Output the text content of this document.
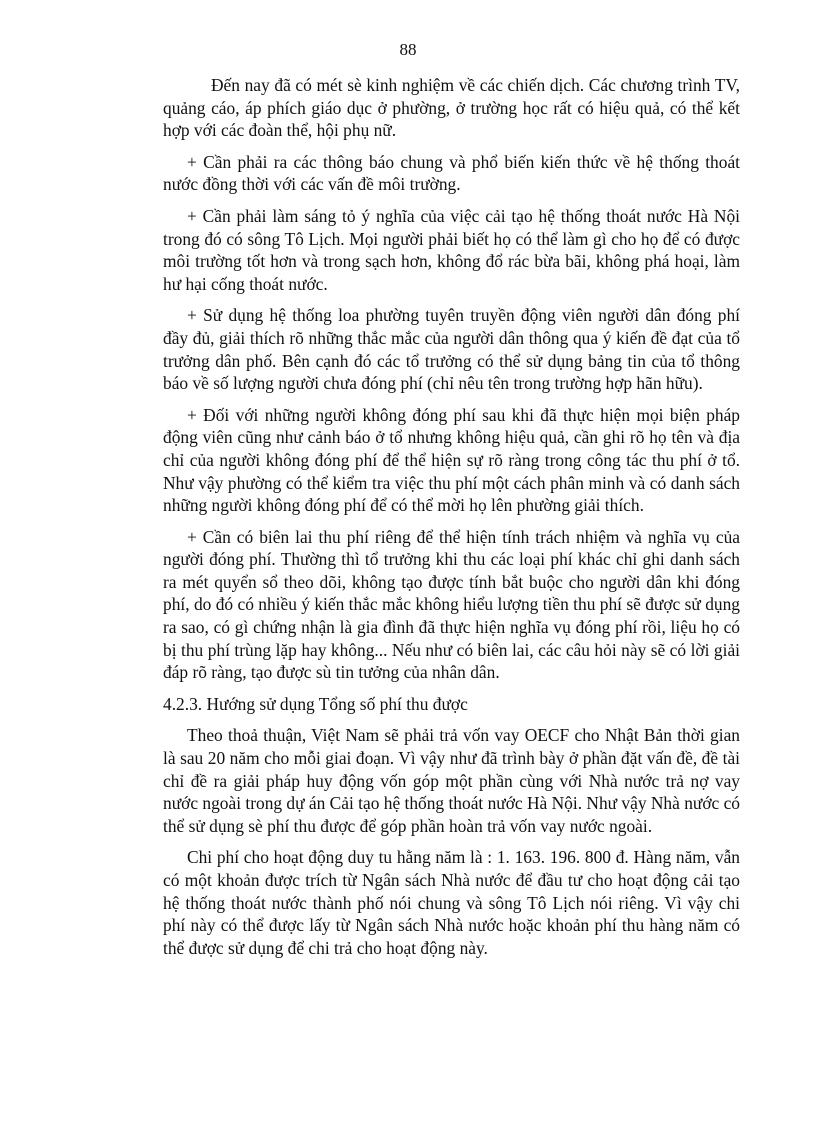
88

Đến nay đã có mét sè kinh nghiệm về các chiến dịch. Các chương trình TV, quảng cáo, áp phích giáo dục ở phường, ở trường học rất có hiệu quả, có thể kết hợp với các đoàn thể, hội phụ nữ.

+ Cần phải ra các thông báo chung và phổ biến kiến thức về hệ thống thoát nước đồng thời với các vấn đề môi trường.

+ Cần phải làm sáng tỏ ý nghĩa của việc cải tạo hệ thống thoát nước Hà Nội trong đó có sông Tô Lịch. Mọi người phải biết họ có thể làm gì cho họ để có được môi trường tốt hơn và trong sạch hơn, không đổ rác bừa bãi, không phá hoại, làm hư hại cống thoát nước.

+ Sử dụng hệ thống loa phường tuyên truyền động viên người dân đóng phí đầy đủ, giải thích rõ những thắc mắc của người dân thông qua ý kiến đề đạt của tổ trưởng dân phố. Bên cạnh đó các tổ trưởng có thể sử dụng bảng tin của tổ thông báo về số lượng người chưa đóng phí (chỉ nêu tên trong trường hợp hãn hữu).

+ Đối với những người không đóng phí sau khi đã thực hiện mọi biện pháp động viên cũng như cảnh báo ở tổ nhưng không hiệu quả, cần ghi rõ họ tên và địa chỉ của người không đóng phí để thể hiện sự rõ ràng trong công tác thu phí ở tổ. Như vậy phường có thể kiểm tra việc thu phí một cách phân minh và có danh sách những người không đóng phí để có thể mời họ lên phường giải thích.

+ Cần có biên lai thu phí riêng để thể hiện tính trách nhiệm và nghĩa vụ của người đóng phí. Thường thì tổ trưởng khi thu các loại phí khác chỉ ghi danh sách ra mét quyển sổ theo dõi, không tạo được tính bắt buộc cho người dân khi đóng phí, do đó có nhiều ý kiến thắc mắc không hiểu lượng tiền thu phí sẽ được sử dụng ra sao, có gì chứng nhận là gia đình đã thực hiện nghĩa vụ đóng phí rồi, liệu họ có bị thu phí trùng lặp hay không... Nếu như có biên lai, các câu hỏi này sẽ có lời giải đáp rõ ràng, tạo được sù tin tưởng của nhân dân.

4.2.3. Hướng sử dụng Tổng số phí thu được

Theo thoả thuận, Việt Nam sẽ phải trả vốn vay OECF cho Nhật Bản thời gian là sau 20 năm cho mỗi giai đoạn. Vì vậy như đã trình bày ở phần đặt vấn đề, đề tài chỉ đề ra giải pháp huy động vốn góp một phần cùng với Nhà nước trả nợ vay nước ngoài trong dự án Cải tạo hệ thống thoát nước Hà Nội. Như vậy Nhà nước có thể sử dụng sè phí thu được để góp phần hoàn trả vốn vay nước ngoài.

Chi phí cho hoạt động duy tu hằng năm là : 1. 163. 196. 800 đ. Hàng năm, vẫn có một khoản được trích từ Ngân sách Nhà nước để đầu tư cho hoạt động cải tạo hệ thống thoát nước thành phố nói chung và sông Tô Lịch nói riêng. Vì vậy chi phí này có thể được lấy từ Ngân sách Nhà nước hoặc khoản phí thu hàng năm có thể được sử dụng để chi trả cho hoạt động này.
